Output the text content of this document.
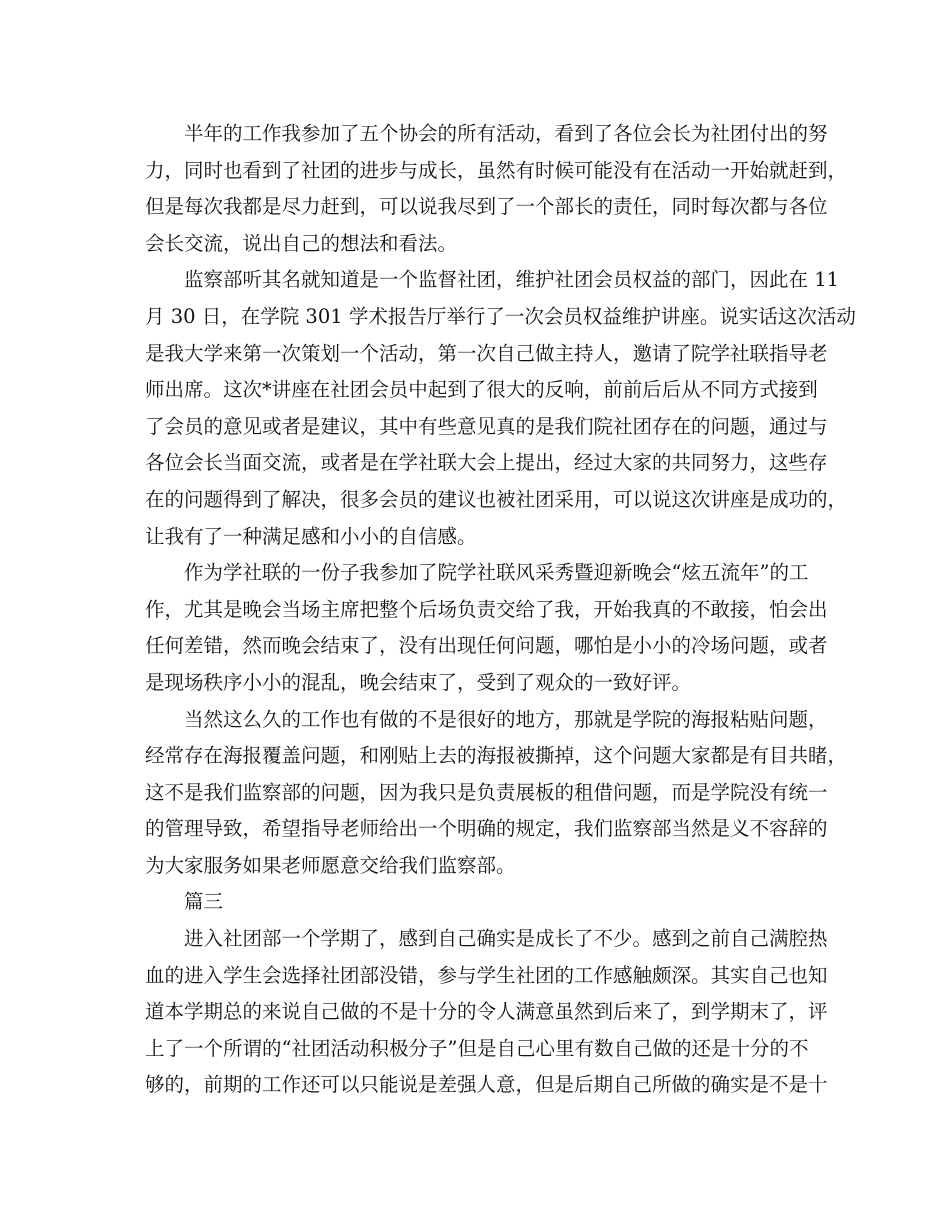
半年的工作我参加了五个协会的所有活动，看到了各位会长为社团付出的努
力，同时也看到了社团的进步与成长，虽然有时候可能没有在活动一开始就赶到，
但是每次我都是尽力赶到，可以说我尽到了一个部长的责任，同时每次都与各位
会长交流，说出自己的想法和看法。
监察部听其名就知道是一个监督社团，维护社团会员权益的部门，因此在 11
月 30 日，在学院 301 学术报告厅举行了一次会员权益维护讲座。说实话这次活动
是我大学来第一次策划一个活动，第一次自己做主持人，邀请了院学社联指导老
师出席。这次*讲座在社团会员中起到了很大的反响，前前后后从不同方式接到
了会员的意见或者是建议，其中有些意见真的是我们院社团存在的问题，通过与
各位会长当面交流，或者是在学社联大会上提出，经过大家的共同努力，这些存
在的问题得到了解决，很多会员的建议也被社团采用，可以说这次讲座是成功的，
让我有了一种满足感和小小的自信感。
作为学社联的一份子我参加了院学社联风采秀暨迎新晚会“炫五流年”的工
作，尤其是晚会当场主席把整个后场负责交给了我，开始我真的不敢接，怕会出
任何差错，然而晚会结束了，没有出现任何问题，哪怕是小小的冷场问题，或者
是现场秩序小小的混乱，晚会结束了，受到了观众的一致好评。
当然这么久的工作也有做的不是很好的地方，那就是学院的海报粘贴问题，
经常存在海报覆盖问题，和刚贴上去的海报被撕掉，这个问题大家都是有目共睹，
这不是我们监察部的问题，因为我只是负责展板的租借问题，而是学院没有统一
的管理导致，希望指导老师给出一个明确的规定，我们监察部当然是义不容辞的
为大家服务如果老师愿意交给我们监察部。
篇三
进入社团部一个学期了，感到自己确实是成长了不少。感到之前自己满腔热
血的进入学生会选择社团部没错，参与学生社团的工作感触颇深。其实自己也知
道本学期总的来说自己做的不是十分的令人满意虽然到后来了，到学期末了，评
上了一个所谓的“社团活动积极分子”但是自己心里有数自己做的还是十分的不
够的，前期的工作还可以只能说是差强人意，但是后期自己所做的确实是不是十
